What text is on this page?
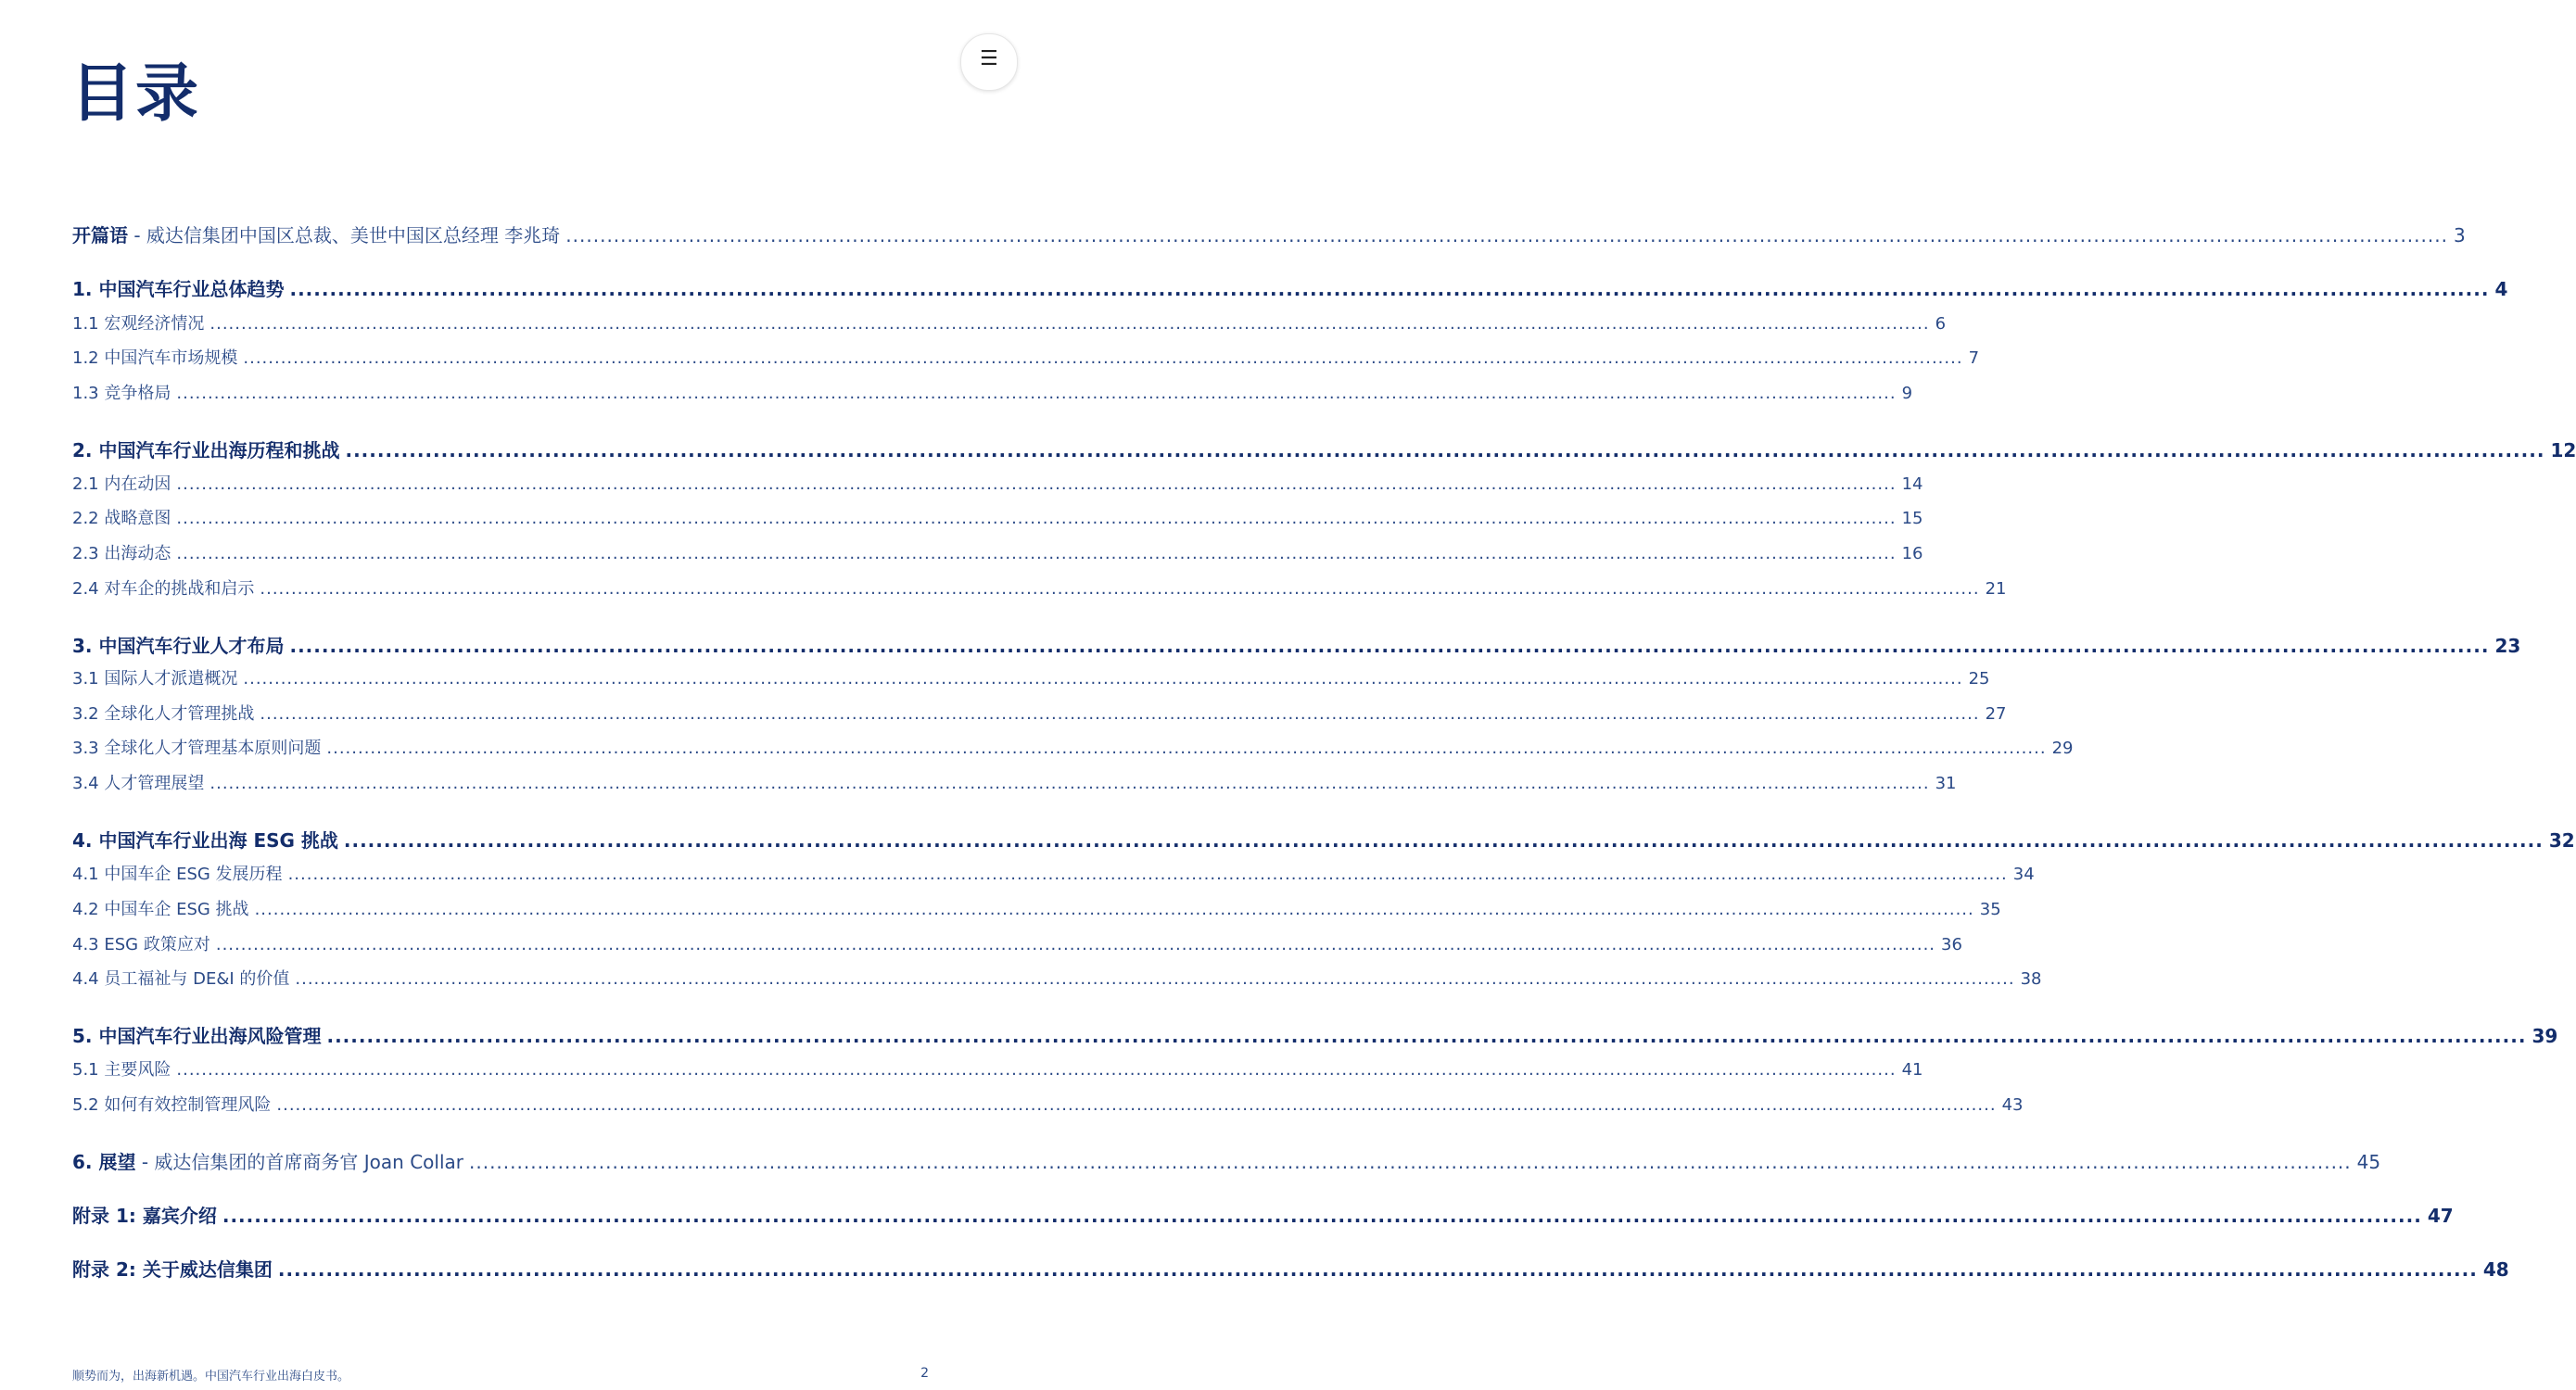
目录	☰
开篇语 - 威达信集团中国区总裁、美世中国区总经理 李兆琦 .................................................................................................................................................................................................................................................................................... 3
1. 中国汽车行业总体趋势 .................................................................................................................................................................................................................................................................................... 4
1.1 宏观经济情况 .................................................................................................................................................................................................................................................................................... 6
1.2 中国汽车市场规模 .................................................................................................................................................................................................................................................................................... 7
1.3 竞争格局 .................................................................................................................................................................................................................................................................................... 9
2. 中国汽车行业出海历程和挑战 .................................................................................................................................................................................................................................................................................... 12
2.1 内在动因 .................................................................................................................................................................................................................................................................................... 14
2.2 战略意图 .................................................................................................................................................................................................................................................................................... 15
2.3 出海动态 .................................................................................................................................................................................................................................................................................... 16
2.4 对车企的挑战和启示 .................................................................................................................................................................................................................................................................................... 21
3. 中国汽车行业人才布局 .................................................................................................................................................................................................................................................................................... 23
3.1 国际人才派遣概况 .................................................................................................................................................................................................................................................................................... 25
3.2 全球化人才管理挑战 .................................................................................................................................................................................................................................................................................... 27
3.3 全球化人才管理基本原则问题 .................................................................................................................................................................................................................................................................................... 29
3.4 人才管理展望 .................................................................................................................................................................................................................................................................................... 31
4. 中国汽车行业出海 ESG 挑战 .................................................................................................................................................................................................................................................................................... 32
4.1 中国车企 ESG 发展历程 .................................................................................................................................................................................................................................................................................... 34
4.2 中国车企 ESG 挑战 .................................................................................................................................................................................................................................................................................... 35
4.3 ESG 政策应对 .................................................................................................................................................................................................................................................................................... 36
4.4 员工福祉与 DE&I 的价值 .................................................................................................................................................................................................................................................................................... 38
5. 中国汽车行业出海风险管理 .................................................................................................................................................................................................................................................................................... 39
5.1 主要风险 .................................................................................................................................................................................................................................................................................... 41
5.2 如何有效控制管理风险 .................................................................................................................................................................................................................................................................................... 43
6. 展望 - 威达信集团的首席商务官 Joan Collar .................................................................................................................................................................................................................................................................................... 45
附录 1: 嘉宾介绍 .................................................................................................................................................................................................................................................................................... 47
附录 2: 关于威达信集团 .................................................................................................................................................................................................................................................................................... 48
顺势而为，出海新机遇。中国汽车行业出海白皮书。	2
